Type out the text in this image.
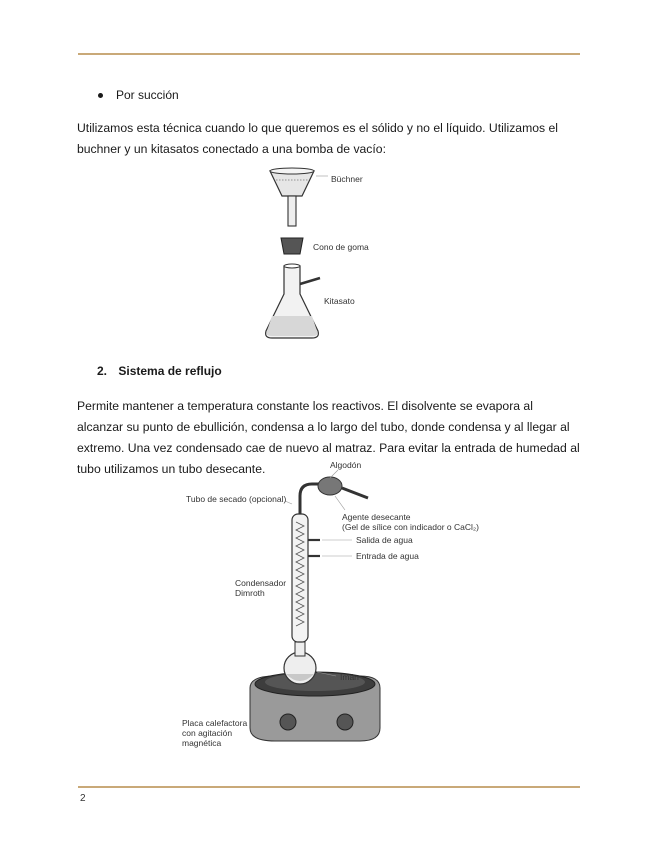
Por succión
Utilizamos esta técnica cuando lo que queremos es el sólido y no el líquido. Utilizamos el buchner y un kitasatos conectado a una bomba de vacío:
Büchner
Cono de goma
Kitasato
2. Sistema de reflujo
Permite mantener a temperatura constante los reactivos. El disolvente se evapora al alcanzar su punto de ebullición, condensa a lo largo del tubo, donde condensa y al llegar al extremo. Una vez condensado cae de nuevo al matraz. Para evitar la entrada de humedad al tubo utilizamos un tubo desecante.	Algodón
Tubo de secado (opcional)
Agente desecante
(Gel de sílice con indicador o CaCl₂)
Salida de agua
Entrada de agua
Condensador
Dimroth
Imán
Placa calefactora
con agitación
magnética
2
